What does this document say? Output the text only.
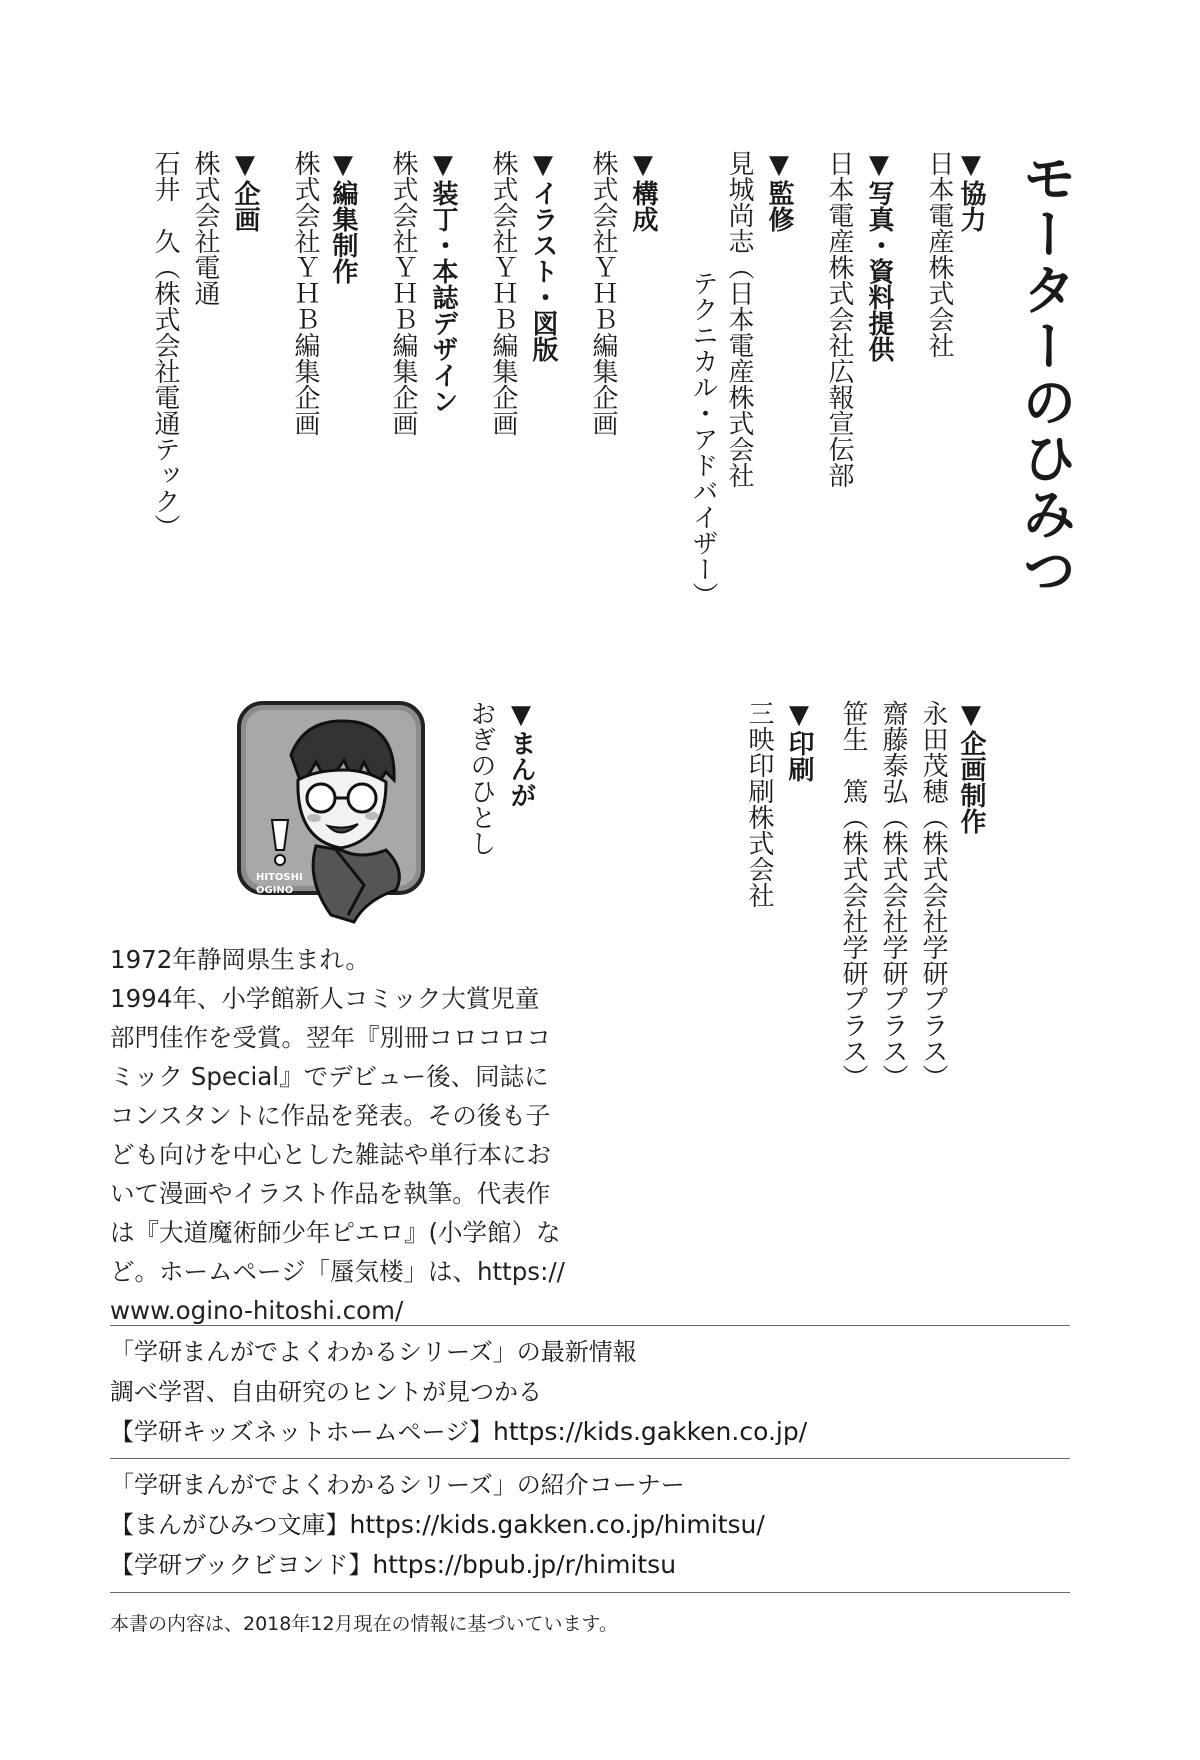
モーターのひみつ
▼協力
日本電産株式会社
▼写真・資料提供
日本電産株式会社広報宣伝部
▼監修
見城尚志（日本電産株式会社
テクニカル・アドバイザー）
▼構成
株式会社ＹＨＢ編集企画
▼イラスト・図版
株式会社ＹＨＢ編集企画
▼装丁・本誌デザイン
株式会社ＹＨＢ編集企画
▼編集制作
株式会社ＹＨＢ編集企画
▼企画
株式会社電通
石井　久（株式会社電通テック）
▼企画制作
永田茂穂（株式会社学研プラス）
齋藤泰弘（株式会社学研プラス）
笹生　篤（株式会社学研プラス）
▼印刷
三映印刷株式会社
▼まんが
おぎのひとし
HITOSHI
OGINO
1972年静岡県生まれ。
1994年、小学館新人コミック大賞児童
部門佳作を受賞。翌年『別冊コロコロコ
ミック Special』でデビュー後、同誌に
コンスタントに作品を発表。その後も子
ども向けを中心とした雑誌や単行本にお
いて漫画やイラスト作品を執筆。代表作
は『大道魔術師少年ピエロ』(小学館）な
ど。ホームページ「蜃気楼」は、https://
www.ogino-hitoshi.com/
「学研まんがでよくわかるシリーズ」の最新情報
調べ学習、自由研究のヒントが見つかる
【学研キッズネットホームページ】https://kids.gakken.co.jp/
「学研まんがでよくわかるシリーズ」の紹介コーナー
【まんがひみつ文庫】https://kids.gakken.co.jp/himitsu/
【学研ブックビヨンド】https://bpub.jp/r/himitsu
本書の内容は、2018年12月現在の情報に基づいています。
